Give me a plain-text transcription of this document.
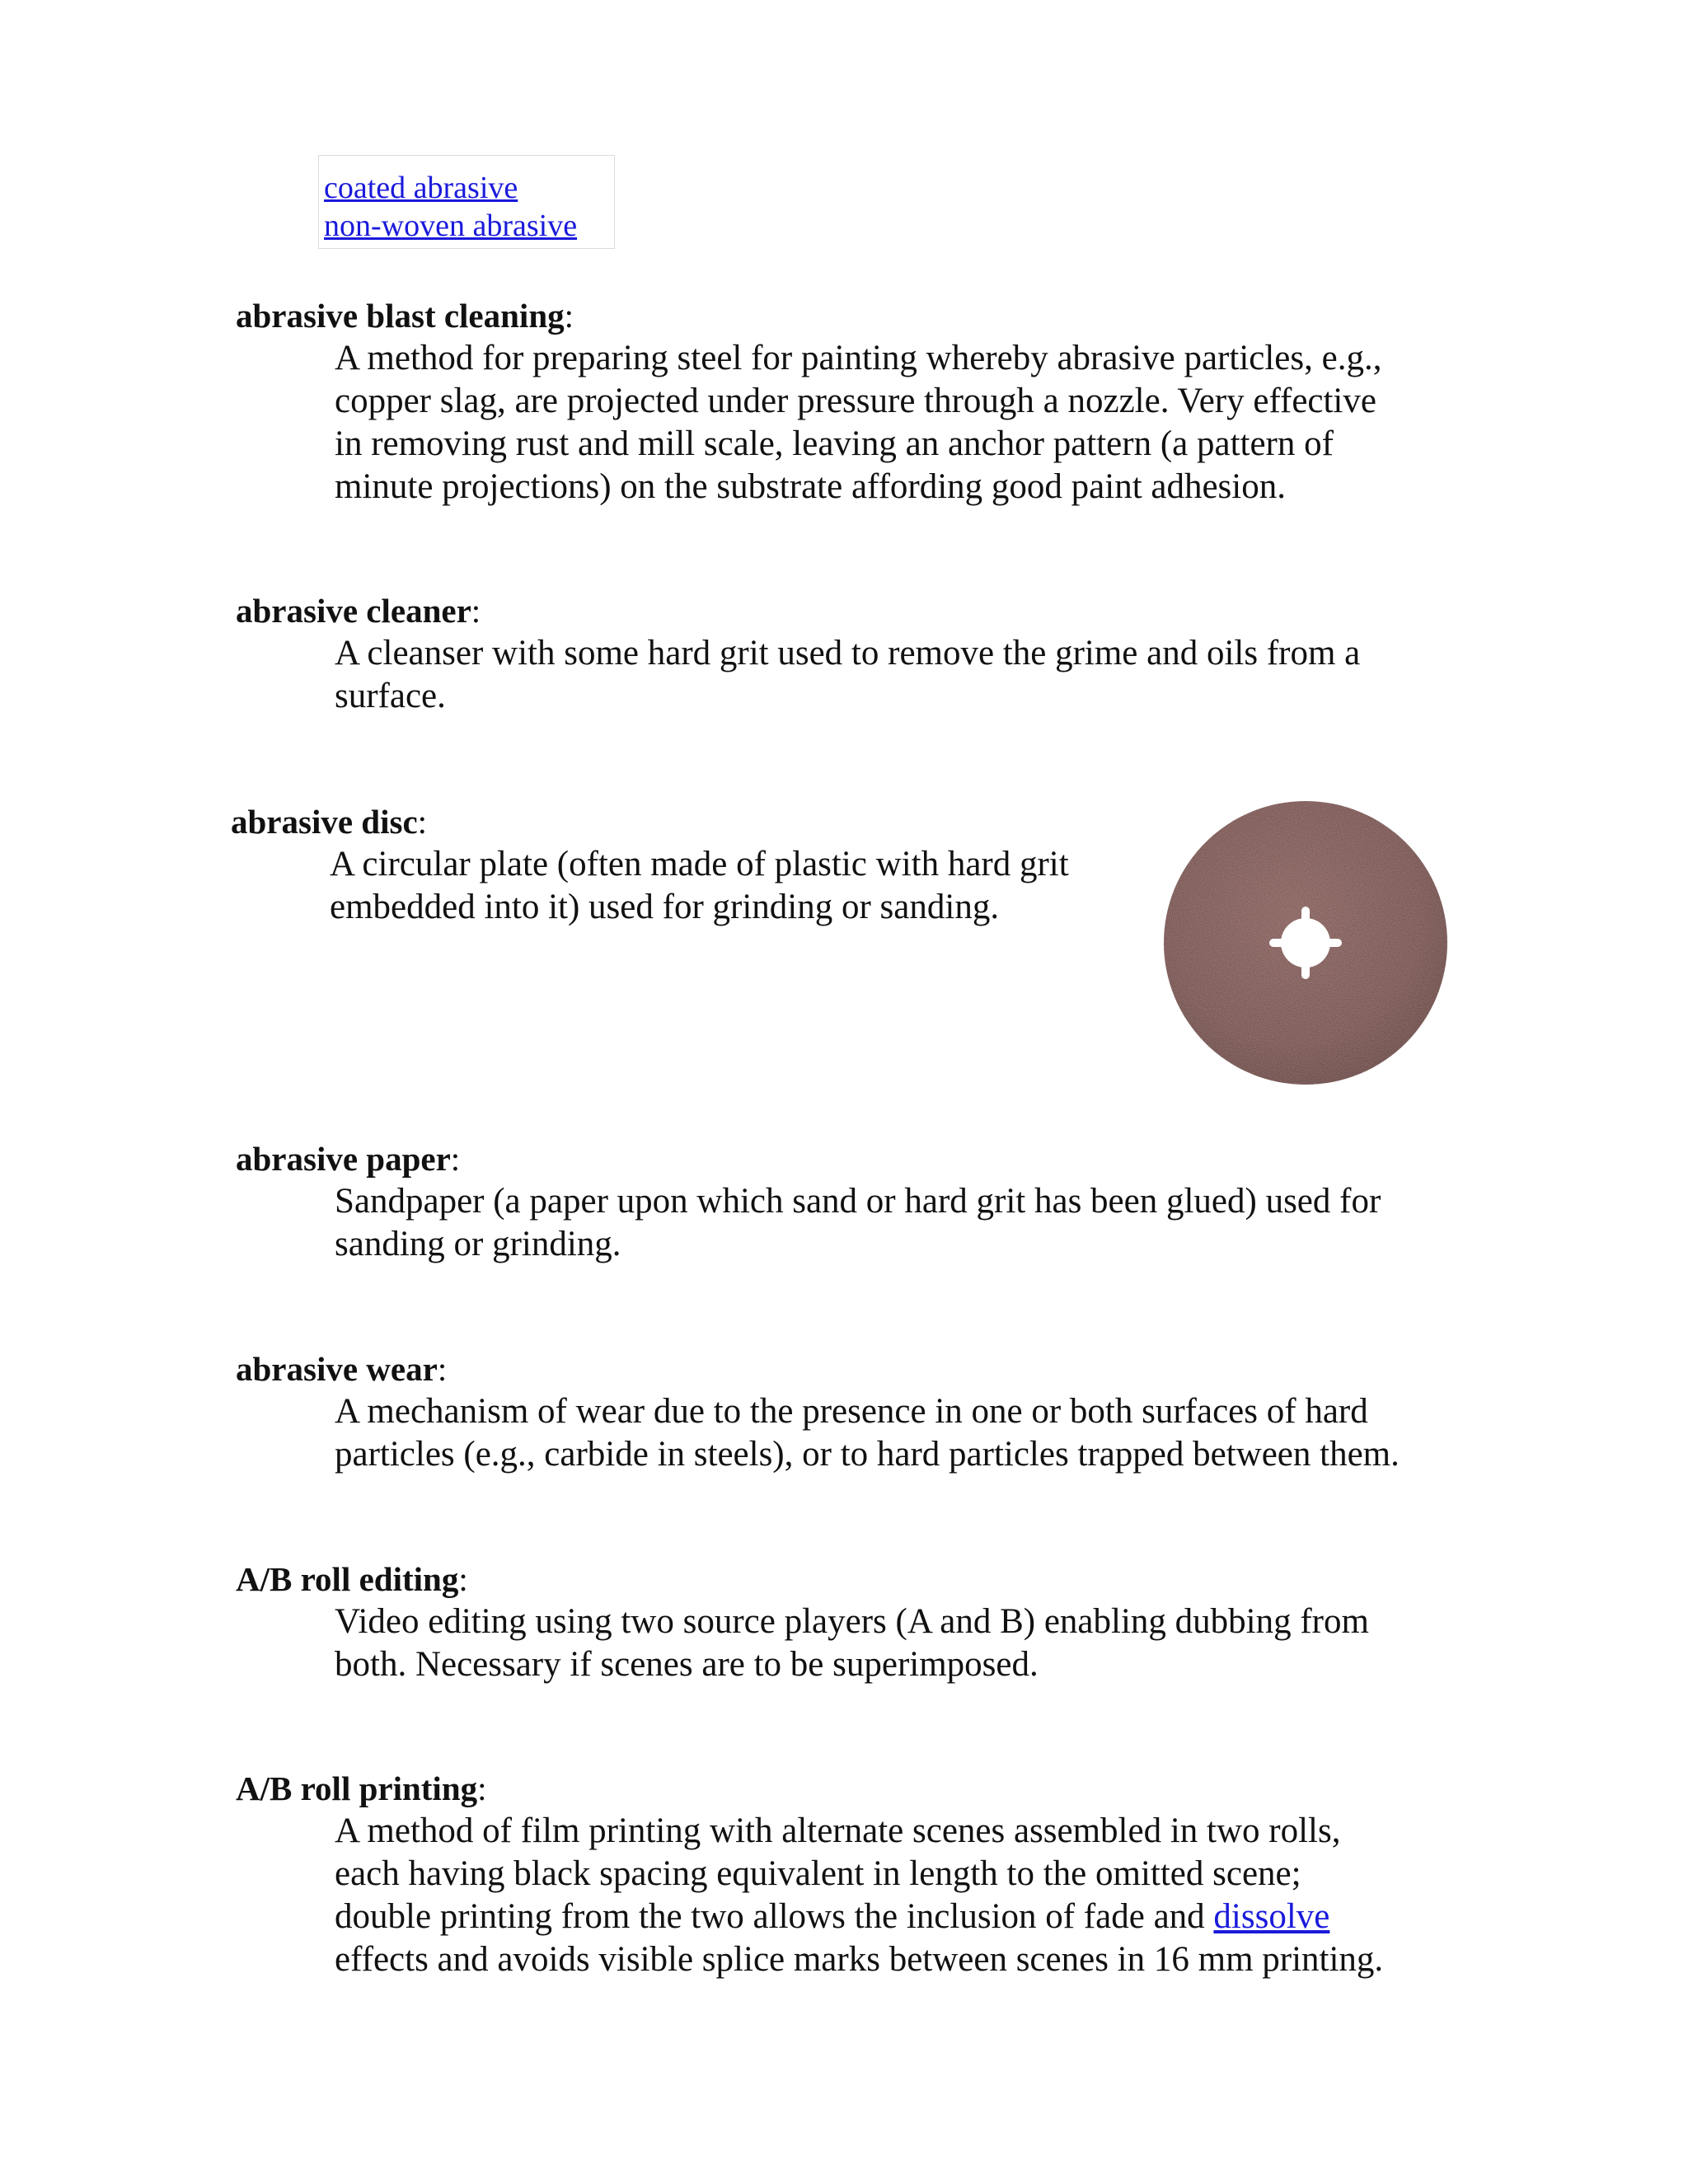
coated abrasive
non-woven abrasive
abrasive blast cleaning:
A method for preparing steel for painting whereby abrasive particles, e.g.,
copper slag, are projected under pressure through a nozzle. Very effective
in removing rust and mill scale, leaving an anchor pattern (a pattern of
minute projections) on the substrate affording good paint adhesion.
abrasive cleaner:
A cleanser with some hard grit used to remove the grime and oils from a
surface.
abrasive disc:
A circular plate (often made of plastic with hard grit
embedded into it) used for grinding or sanding.
abrasive paper:
Sandpaper (a paper upon which sand or hard grit has been glued) used for
sanding or grinding.
abrasive wear:
A mechanism of wear due to the presence in one or both surfaces of hard
particles (e.g., carbide in steels), or to hard particles trapped between them.
A/B roll editing:
Video editing using two source players (A and B) enabling dubbing from
both. Necessary if scenes are to be superimposed.
A/B roll printing:
A method of film printing with alternate scenes assembled in two rolls,
each having black spacing equivalent in length to the omitted scene;
double printing from the two allows the inclusion of fade and dissolve
effects and avoids visible splice marks between scenes in 16 mm printing.
